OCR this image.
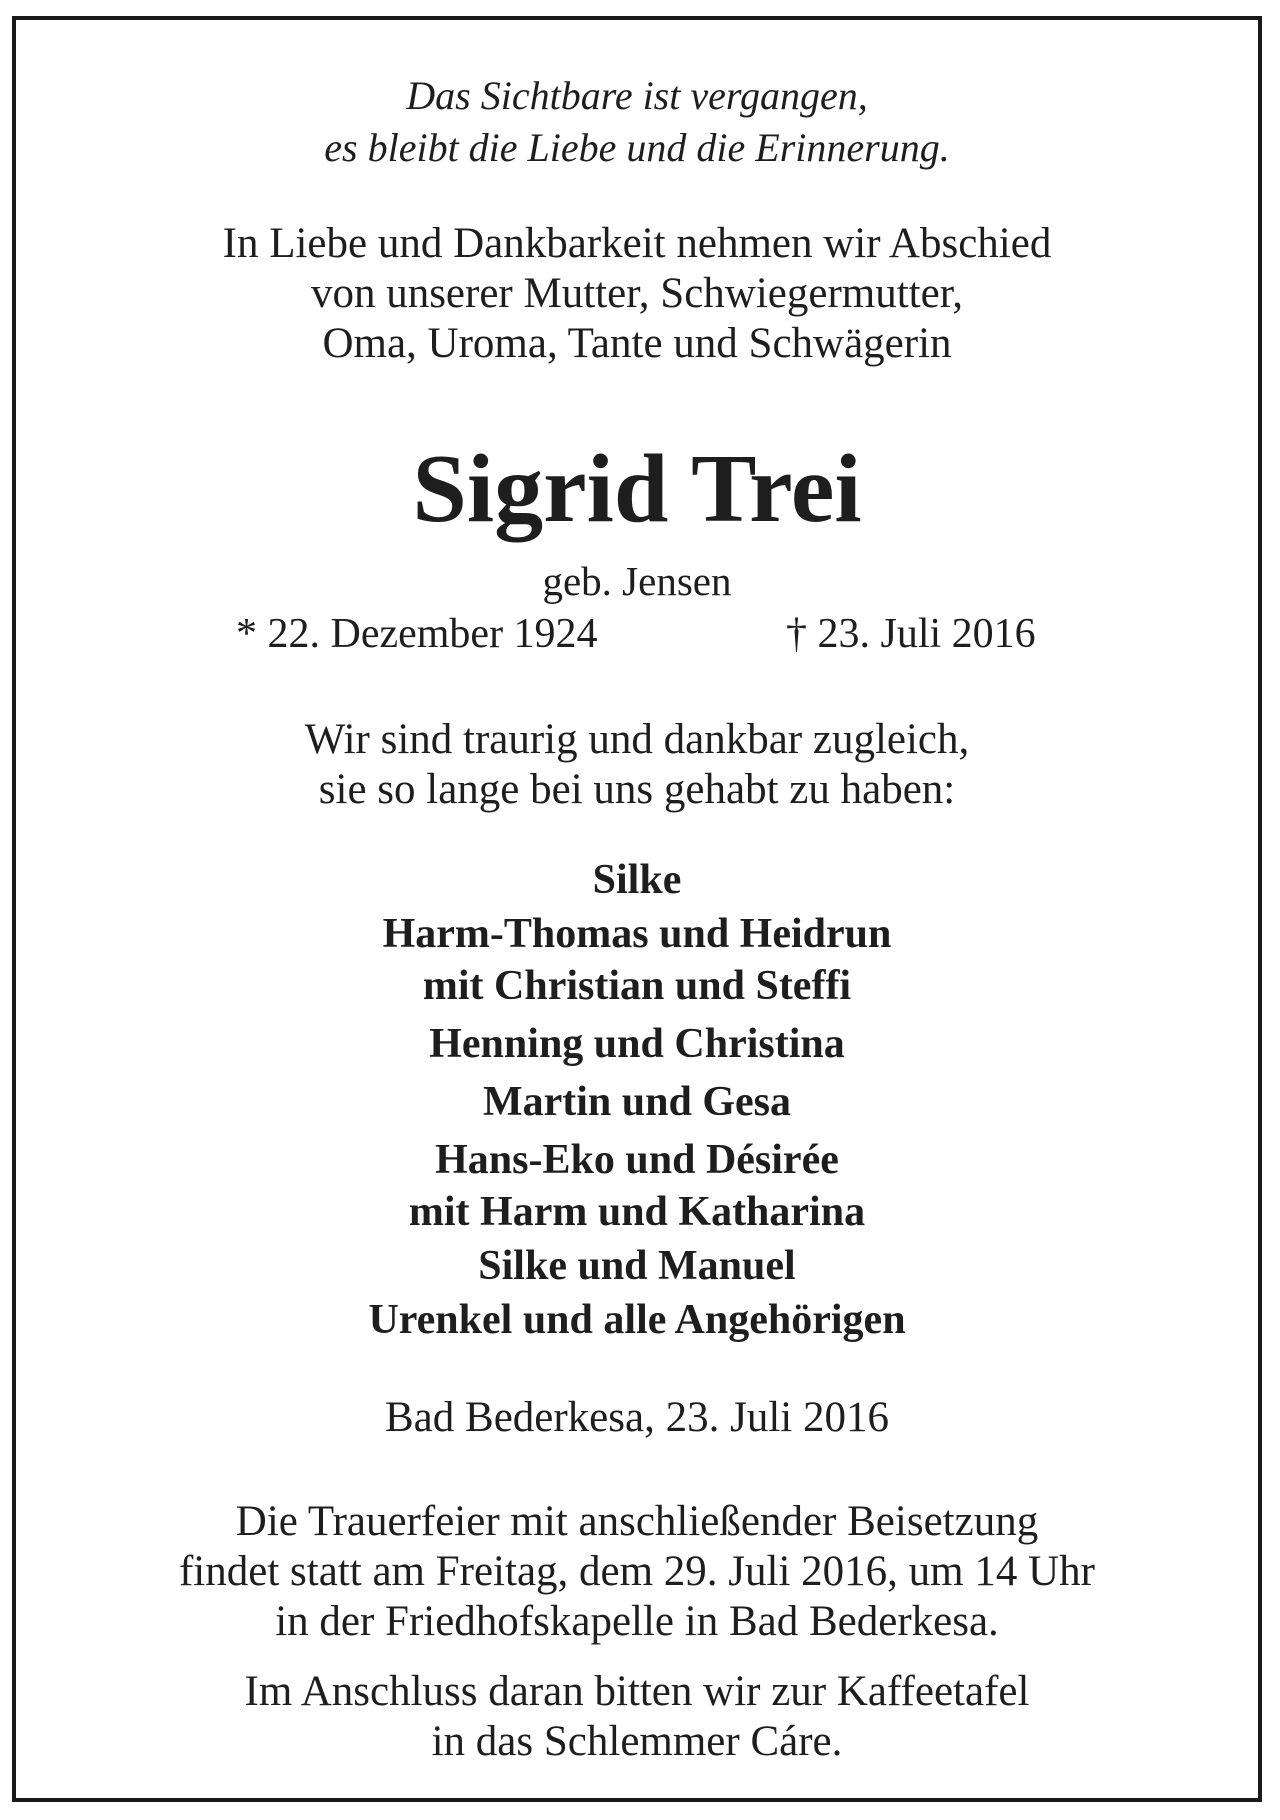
Das Sichtbare ist vergangen,
es bleibt die Liebe und die Erinnerung.
In Liebe und Dankbarkeit nehmen wir Abschied
von unserer Mutter, Schwiegermutter,
Oma, Uroma, Tante und Schwägerin
Sigrid Trei
geb. Jensen
* 22. Dezember 1924	† 23. Juli 2016
Wir sind traurig und dankbar zugleich,
sie so lange bei uns gehabt zu haben:
Silke
Harm-Thomas und Heidrun
mit Christian und Steffi
Henning und Christina
Martin und Gesa
Hans-Eko und Désirée
mit Harm und Katharina
Silke und Manuel
Urenkel und alle Angehörigen
Bad Bederkesa, 23. Juli 2016
Die Trauerfeier mit anschließender Beisetzung
findet statt am Freitag, dem 29. Juli 2016, um 14 Uhr
in der Friedhofskapelle in Bad Bederkesa.
Im Anschluss daran bitten wir zur Kaffeetafel
in das Schlemmer Cáre.
